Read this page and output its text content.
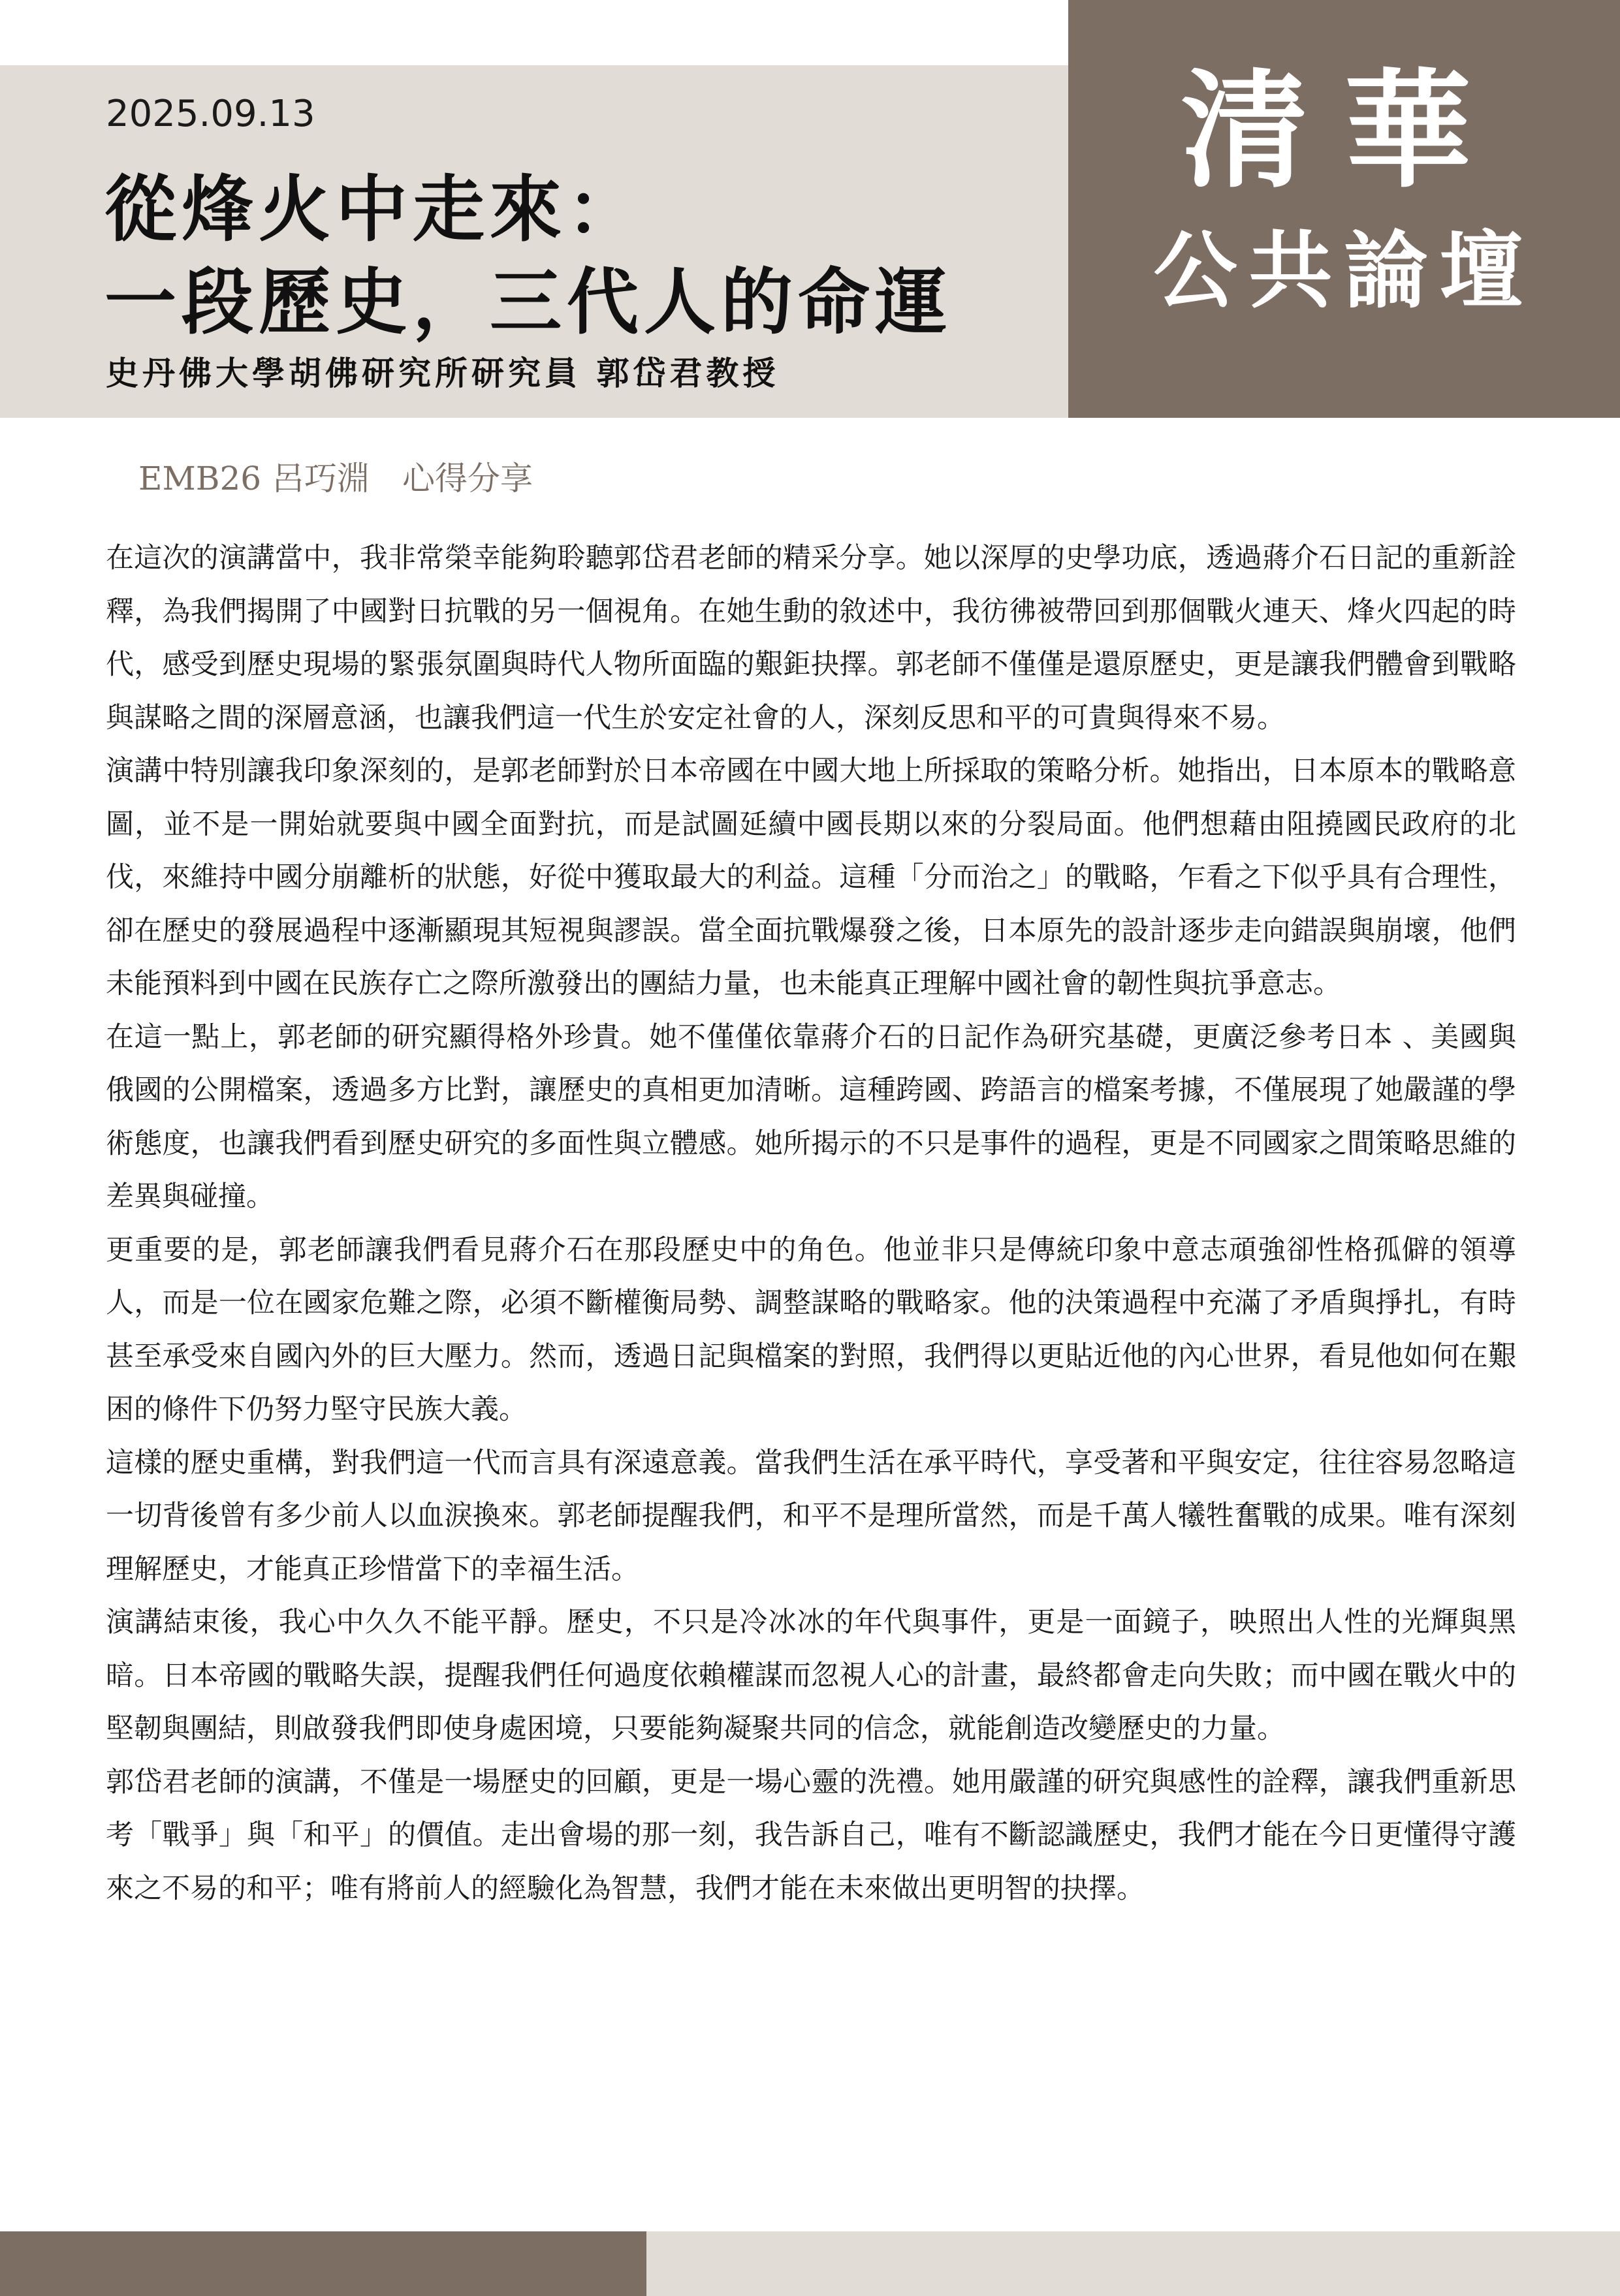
清華
公共論壇
2025.09.13
從烽火中走來：
一段歷史，三代人的命運
史丹佛大學胡佛研究所研究員 郭岱君教授
EMB26 呂巧淵　心得分享

在這次的演講當中，我非常榮幸能夠聆聽郭岱君老師的精采分享。她以深厚的史學功底，透過蔣介石日記的重新詮釋，為我們揭開了中國對日抗戰的另一個視角。在她生動的敘述中，我彷彿被帶回到那個戰火連天、烽火四起的時代，感受到歷史現場的緊張氛圍與時代人物所面臨的艱鉅抉擇。郭老師不僅僅是還原歷史，更是讓我們體會到戰略與謀略之間的深層意涵，也讓我們這一代生於安定社會的人，深刻反思和平的可貴與得來不易。

演講中特別讓我印象深刻的，是郭老師對於日本帝國在中國大地上所採取的策略分析。她指出，日本原本的戰略意圖，並不是一開始就要與中國全面對抗，而是試圖延續中國長期以來的分裂局面。他們想藉由阻撓國民政府的北伐，來維持中國分崩離析的狀態，好從中獲取最大的利益。這種「分而治之」的戰略，乍看之下似乎具有合理性，卻在歷史的發展過程中逐漸顯現其短視與謬誤。當全面抗戰爆發之後，日本原先的設計逐步走向錯誤與崩壞，他們未能預料到中國在民族存亡之際所激發出的團結力量，也未能真正理解中國社會的韌性與抗爭意志。

在這一點上，郭老師的研究顯得格外珍貴。她不僅僅依靠蔣介石的日記作為研究基礎，更廣泛參考日本 、美國與俄國的公開檔案，透過多方比對，讓歷史的真相更加清晰。這種跨國、跨語言的檔案考據，不僅展現了她嚴謹的學術態度，也讓我們看到歷史研究的多面性與立體感。她所揭示的不只是事件的過程，更是不同國家之間策略思維的差異與碰撞。

更重要的是，郭老師讓我們看見蔣介石在那段歷史中的角色。他並非只是傳統印象中意志頑強卻性格孤僻的領導人，而是一位在國家危難之際，必須不斷權衡局勢、調整謀略的戰略家。他的決策過程中充滿了矛盾與掙扎，有時甚至承受來自國內外的巨大壓力。然而，透過日記與檔案的對照，我們得以更貼近他的內心世界，看見他如何在艱困的條件下仍努力堅守民族大義。

這樣的歷史重構，對我們這一代而言具有深遠意義。當我們生活在承平時代，享受著和平與安定，往往容易忽略這一切背後曾有多少前人以血淚換來。郭老師提醒我們，和平不是理所當然，而是千萬人犧牲奮戰的成果。唯有深刻理解歷史，才能真正珍惜當下的幸福生活。

演講結束後，我心中久久不能平靜。歷史，不只是冷冰冰的年代與事件，更是一面鏡子，映照出人性的光輝與黑暗。日本帝國的戰略失誤，提醒我們任何過度依賴權謀而忽視人心的計畫，最終都會走向失敗；而中國在戰火中的堅韌與團結，則啟發我們即使身處困境，只要能夠凝聚共同的信念，就能創造改變歷史的力量。

郭岱君老師的演講，不僅是一場歷史的回顧，更是一場心靈的洗禮。她用嚴謹的研究與感性的詮釋，讓我們重新思考「戰爭」與「和平」的價值。走出會場的那一刻，我告訴自己，唯有不斷認識歷史，我們才能在今日更懂得守護來之不易的和平；唯有將前人的經驗化為智慧，我們才能在未來做出更明智的抉擇。
